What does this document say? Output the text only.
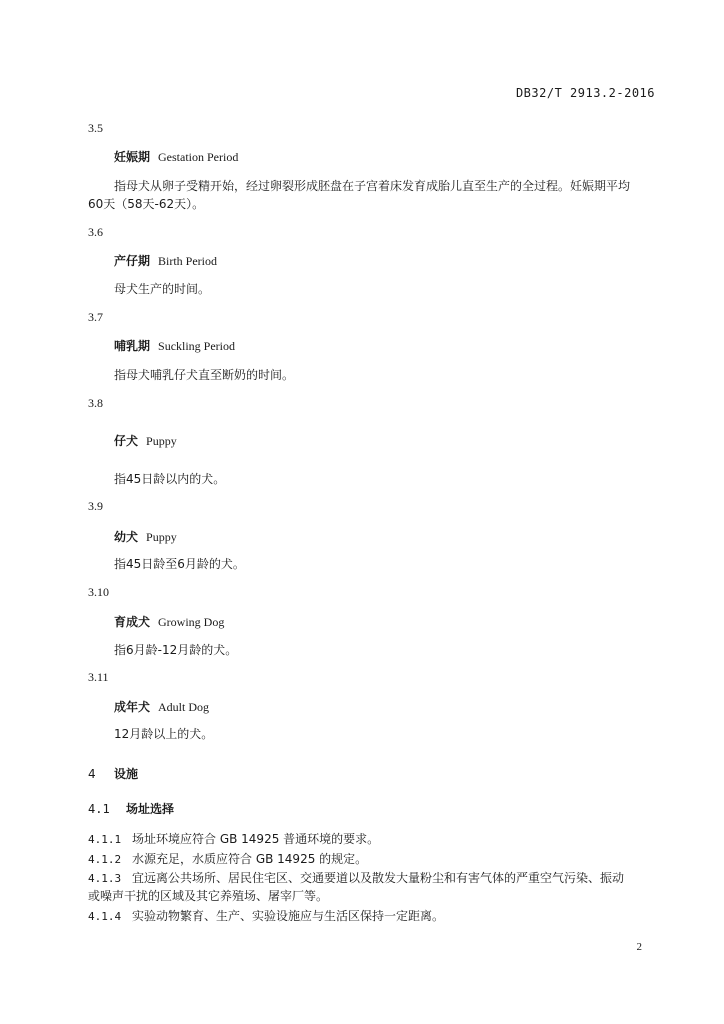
DB32/T 2913.2-2016
3.5
妊娠期 Gestation Period
指母犬从卵子受精开始，经过卵裂形成胚盘在子宫着床发育成胎儿直至生产的全过程。妊娠期平均
60天（58天-62天）。
3.6
产仔期 Birth Period
母犬生产的时间。
3.7
哺乳期 Suckling Period
指母犬哺乳仔犬直至断奶的时间。
3.8
仔犬 Puppy
指45日龄以内的犬。
3.9
幼犬 Puppy
指45日龄至6月龄的犬。
3.10
育成犬 Growing Dog
指6月龄-12月龄的犬。
3.11
成年犬 Adult Dog
12月龄以上的犬。
4 设施
4.1 场址选择
4.1.1 场址环境应符合 GB 14925 普通环境的要求。
4.1.2 水源充足，水质应符合 GB 14925 的规定。
4.1.3 宜远离公共场所、居民住宅区、交通要道以及散发大量粉尘和有害气体的严重空气污染、振动
或噪声干扰的区域及其它养殖场、屠宰厂等。
4.1.4 实验动物繁育、生产、实验设施应与生活区保持一定距离。
2
